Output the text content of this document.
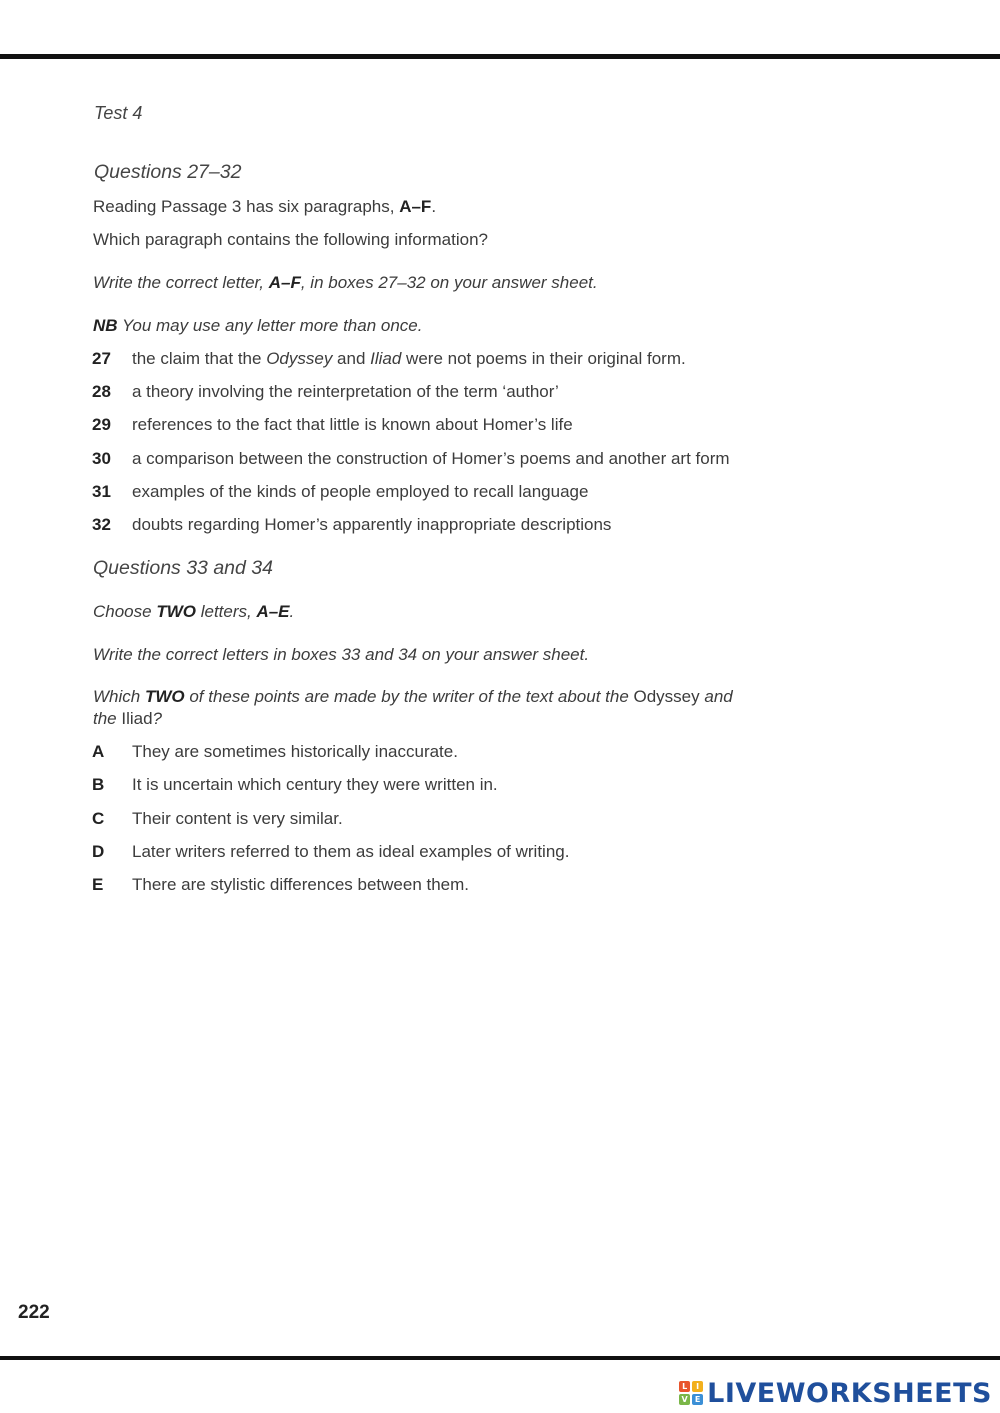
Test 4
Questions 27–32
Reading Passage 3 has six paragraphs, A–F.
Which paragraph contains the following information?
Write the correct letter, A–F, in boxes 27–32 on your answer sheet.
NB You may use any letter more than once.
27 the claim that the Odyssey and Iliad were not poems in their original form.
28 a theory involving the reinterpretation of the term ‘author’
29 references to the fact that little is known about Homer’s life
30 a comparison between the construction of Homer’s poems and another art form
31 examples of the kinds of people employed to recall language
32 doubts regarding Homer’s apparently inappropriate descriptions
Questions 33 and 34
Choose TWO letters, A–E.
Write the correct letters in boxes 33 and 34 on your answer sheet.
Which TWO of these points are made by the writer of the text about the Odyssey and
the Iliad?
A They are sometimes historically inaccurate.
B It is uncertain which century they were written in.
C Their content is very similar.
D Later writers referred to them as ideal examples of writing.
E There are stylistic differences between them.
222
L	I
V E LIVEWORKSHEETS
